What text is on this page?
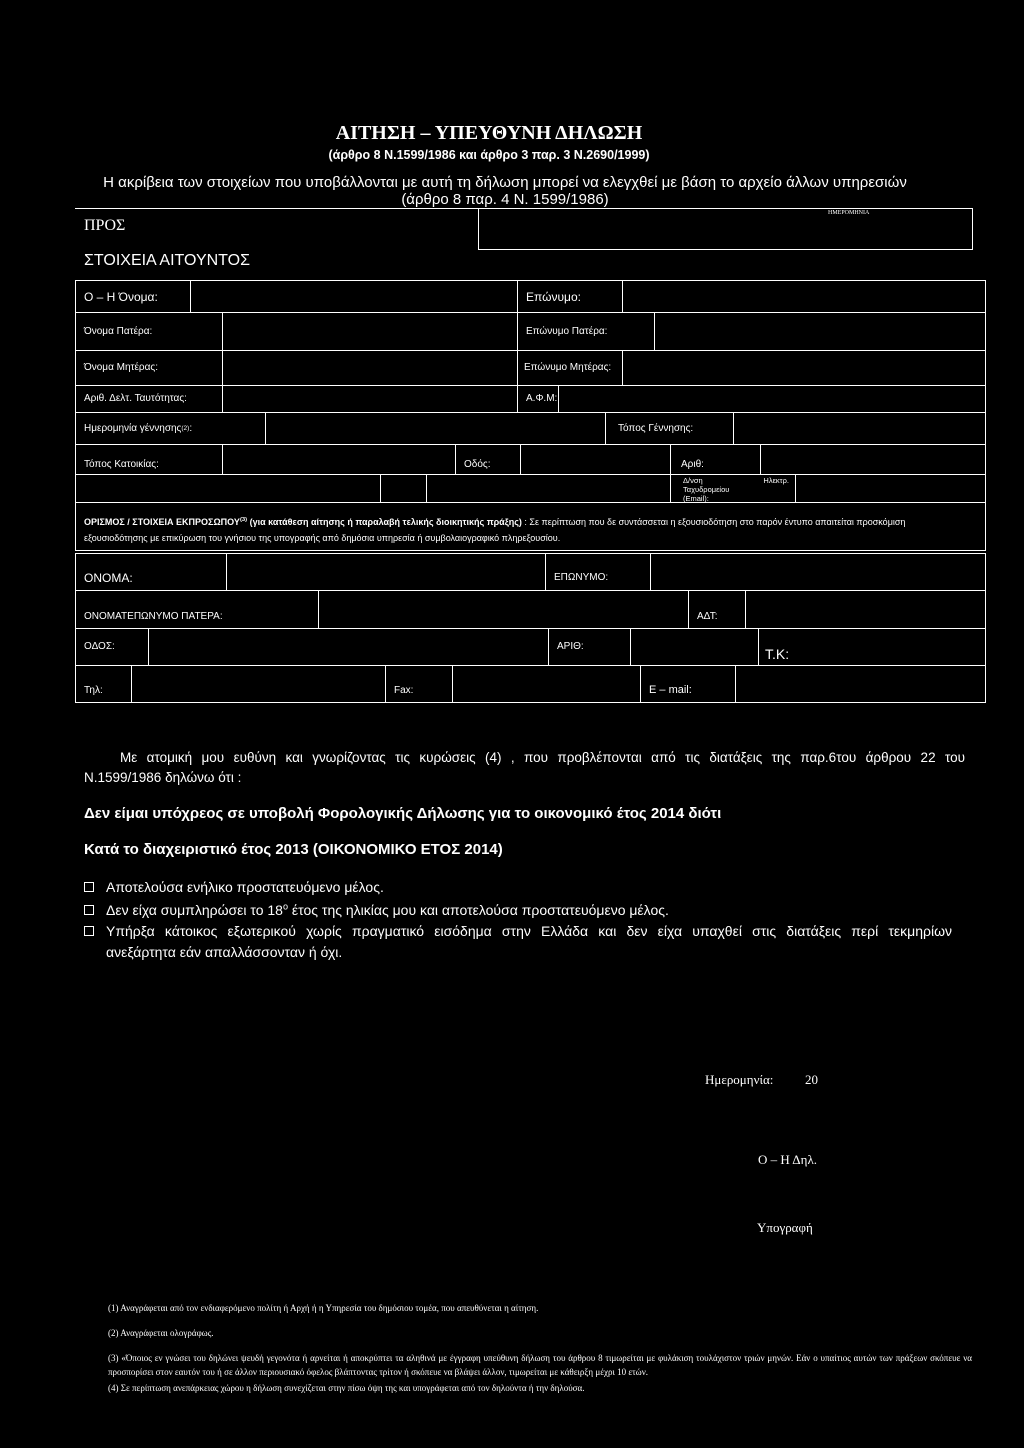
ΑΙΤΗΣΗ – ΥΠΕΥΘΥΝΗ ΔΗΛΩΣΗ
(άρθρο 8 Ν.1599/1986 και άρθρο 3 παρ. 3 Ν.2690/1999)
Η ακρίβεια των στοιχείων που υποβάλλονται με αυτή τη δήλωση μπορεί να ελεγχθεί με βάση το αρχείο άλλων υπηρεσιών
(άρθρο 8 παρ. 4 Ν. 1599/1986)
ΠΡΟΣ
ΗΜΕΡΟΜΗΝΙΑ
ΣΤΟΙΧΕΙΑ ΑΙΤΟΥΝΤΟΣ
Ο – Η Όνομα:	Επώνυμο:
Όνομα Πατέρα:	Επώνυμο Πατέρα:
Όνομα Μητέρας:	Επώνυμο Μητέρας:
Αριθ. Δελτ. Ταυτότητας:	Α.Φ.Μ:
Ημερομηνία γέννησης (2) :	Τόπος Γέννησης:
Τόπος Κατοικίας:	Οδός:	Αριθ:
Δ/νση Ηλεκτρ.
Ταχυδρομείου
(Email):
ΟΡΙΣΜΟΣ / ΣΤΟΙΧΕΙΑ ΕΚΠΡΟΣΩΠΟΥ$^{(3)}$ (για κατάθεση αίτησης ή παραλαβή τελικής διοικητικής πράξης) : Σε περίπτωση που δε συντάσσεται η εξουσιοδότηση στο παρόν έντυπο απαιτείται προσκόμιση εξουσιοδότησης με επικύρωση του γνήσιου της υπογραφής από δημόσια υπηρεσία ή συμβολαιογραφικό πληρεξουσίου.
ΟΝΟΜΑ:	ΕΠΩΝΥΜΟ:
ΟΝΟΜΑΤΕΠΩΝΥΜΟ ΠΑΤΕΡΑ:	ΑΔΤ:
ΟΔΟΣ:	ΑΡΙΘ:	Τ.Κ:
Τηλ:	Fax:	E – mail:
Με ατομική μου ευθύνη και γνωρίζοντας τις κυρώσεις (4) , που προβλέπονται από τις διατάξεις της παρ.6του άρθρου 22 του
Ν.1599/1986 δηλώνω ότι :
Δεν είμαι υπόχρεος σε υποβολή Φορολογικής Δήλωσης για το οικονομικό έτος 2014 διότι
Κατά το διαχειριστικό έτος 2013 (ΟΙΚΟΝΟΜΙΚΟ ΕΤΟΣ 2014)
Αποτελούσα ενήλικο προστατευόμενο μέλος.
Δεν είχα συμπληρώσει το $18^o$ έτος της ηλικίας μου και αποτελούσα προστατευόμενο μέλος.
Υπήρξα κάτοικος εξωτερικού χωρίς πραγματικό εισόδημα στην Ελλάδα και δεν είχα υπαχθεί στις διατάξεις περί τεκμηρίων
ανεξάρτητα εάν απαλλάσσονταν ή όχι.
Ημερομηνία: 20
Ο – Η Δηλ.
Υπογραφή
(1) Αναγράφεται από τον ενδιαφερόμενο πολίτη ή Αρχή ή η Υπηρεσία του δημόσιου τομέα, που απευθύνεται η αίτηση.
(2) Αναγράφεται ολογράφως.
(3) «Όποιος εν γνώσει του δηλώνει ψευδή γεγονότα ή αρνείται ή αποκρύπτει τα αληθινά με έγγραφη υπεύθυνη δήλωση του άρθρου 8 τιμωρείται με φυλάκιση τουλάχιστον τριών μηνών. Εάν ο υπαίτιος αυτών των πράξεων σκόπευε να προσπορίσει στον εαυτόν του ή σε άλλον περιουσιακό όφελος βλάπτοντας τρίτον ή σκόπευε να βλάψει άλλον, τιμωρείται με κάθειρξη μέχρι 10 ετών.
(4) Σε περίπτωση ανεπάρκειας χώρου η δήλωση συνεχίζεται στην πίσω όψη της και υπογράφεται από τον δηλούντα ή την δηλούσα.
